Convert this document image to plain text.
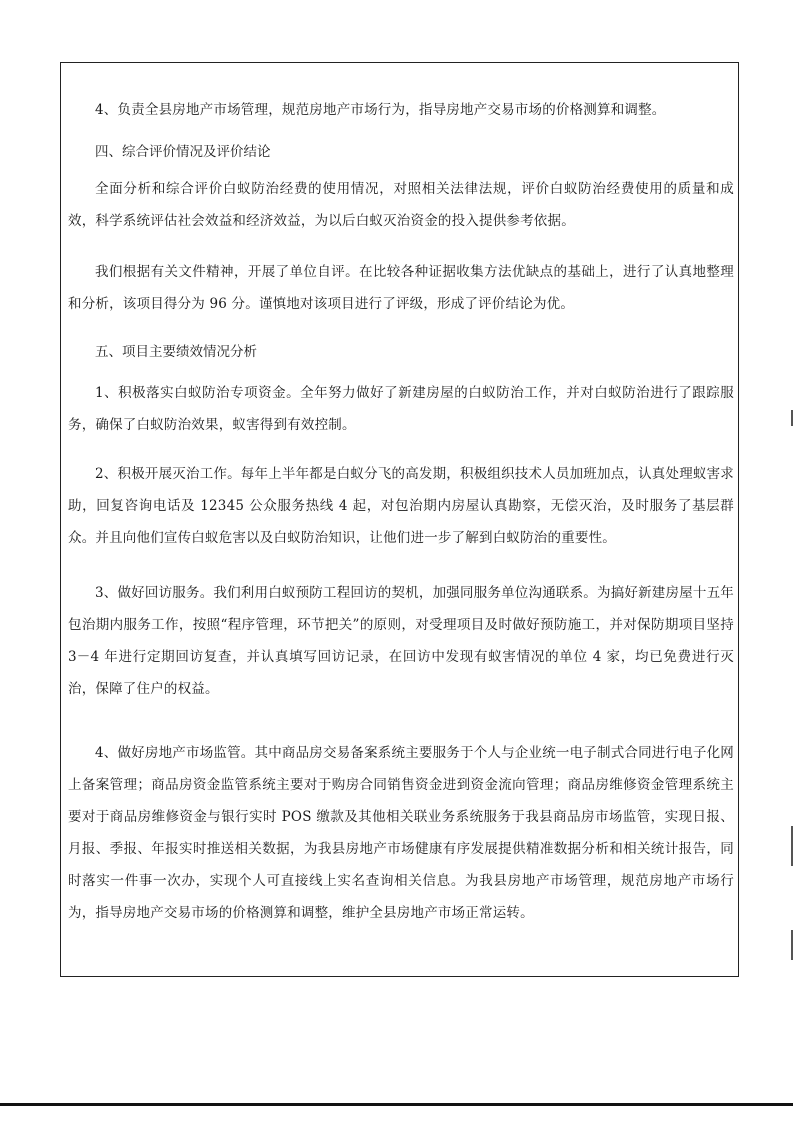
4、负责全县房地产市场管理，规范房地产市场行为，指导房地产交易市场的价格测算和调整。

四、综合评价情况及评价结论

全面分析和综合评价白蚁防治经费的使用情况，对照相关法律法规，评价白蚁防治经费使用的质量和成效，科学系统评估社会效益和经济效益，为以后白蚁灭治资金的投入提供参考依据。

我们根据有关文件精神，开展了单位自评。在比较各种证据收集方法优缺点的基础上，进行了认真地整理和分析，该项目得分为 96 分。谨慎地对该项目进行了评级，形成了评价结论为优。

五、项目主要绩效情况分析

1、积极落实白蚁防治专项资金。全年努力做好了新建房屋的白蚁防治工作，并对白蚁防治进行了跟踪服务，确保了白蚁防治效果，蚁害得到有效控制。

2、积极开展灭治工作。每年上半年都是白蚁分飞的高发期，积极组织技术人员加班加点，认真处理蚁害求助，回复咨询电话及 12345 公众服务热线 4 起，对包治期内房屋认真勘察，无偿灭治，及时服务了基层群众。并且向他们宣传白蚁危害以及白蚁防治知识，让他们进一步了解到白蚁防治的重要性。

3、做好回访服务。我们利用白蚁预防工程回访的契机，加强同服务单位沟通联系。为搞好新建房屋十五年包治期内服务工作，按照“程序管理，环节把关”的原则，对受理项目及时做好预防施工，并对保防期项目坚持 3－4 年进行定期回访复查，并认真填写回访记录，在回访中发现有蚁害情况的单位 4 家，均已免费进行灭治，保障了住户的权益。

4、做好房地产市场监管。其中商品房交易备案系统主要服务于个人与企业统一电子制式合同进行电子化网上备案管理；商品房资金监管系统主要对于购房合同销售资金进到资金流向管理；商品房维修资金管理系统主要对于商品房维修资金与银行实时 POS 缴款及其他相关联业务系统服务于我县商品房市场监管，实现日报、月报、季报、年报实时推送相关数据，为我县房地产市场健康有序发展提供精准数据分析和相关统计报告，同时落实一件事一次办，实现个人可直接线上实名查询相关信息。为我县房地产市场管理，规范房地产市场行为，指导房地产交易市场的价格测算和调整，维护全县房地产市场正常运转。
